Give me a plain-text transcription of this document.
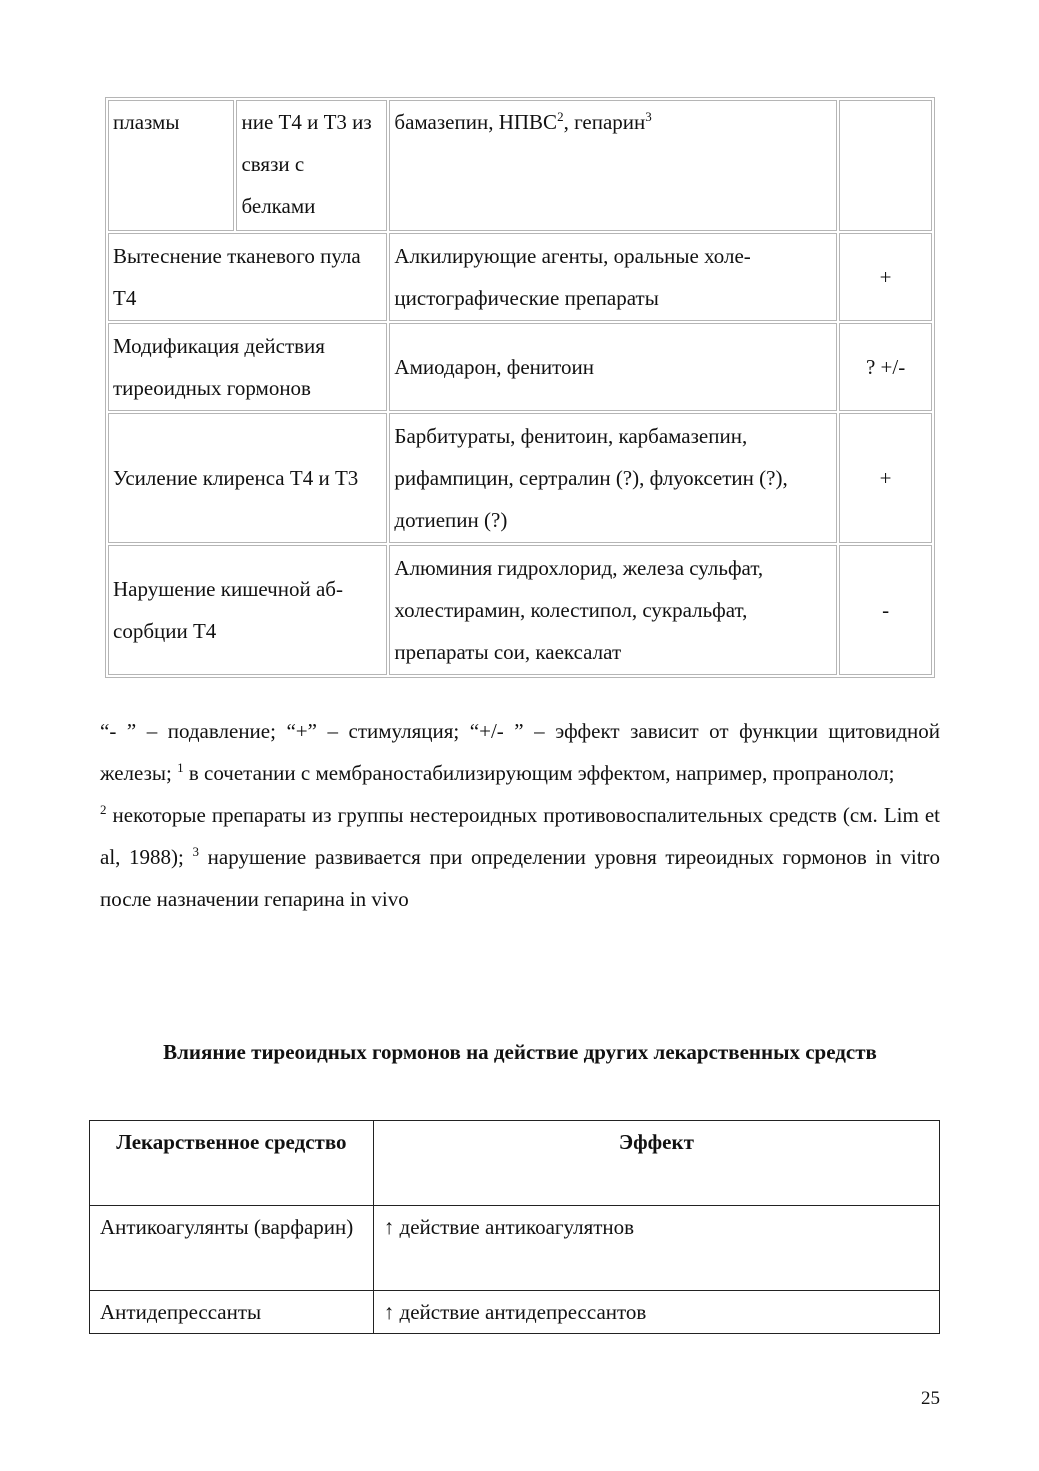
плазмы	ние Т4 и Т3 из связи с белками	бамазепин, НПВС$^2$, гепарин$^3$	
Вытеснение тканевого пула Т4		Алкилирующие агенты, оральные холе-цистографические препараты	+
Модификация действия тиреоидных гормонов		Амиодарон, фенитоин	? +/-
Усиление клиренса Т4 и Т3		Барбитураты, фенитоин, карбамазепин, рифампицин, сертралин (?), флуоксетин (?), дотиепин (?)	+
Нарушение кишечной аб-сорбции Т4		Алюминия гидрохлорид, железа сульфат, холестирамин, колестипол, сукральфат, препараты сои, каексалат	-

“- ” – подавление; “+” – стимуляция; “+/- ” – эффект зависит от функции щитовидной железы; $^1$ в сочетании с мембраностабилизирующим эффектом, например, пропранолол;

$^2$ некоторые препараты из группы нестероидных противовоспалительных средств (см. Lim et al, 1988); $^3$ нарушение развивается при определении уровня тиреоидных гормонов in vitro после назначении гепарина in vivo

Влияние тиреоидных гормонов на действие других лекарственных средств
Лекарственное средство	Эффект
Антикоагулянты (варфарин)	↑ действие антикоагулятнов
Антидепрессанты	↑ действие антидепрессантов
25
